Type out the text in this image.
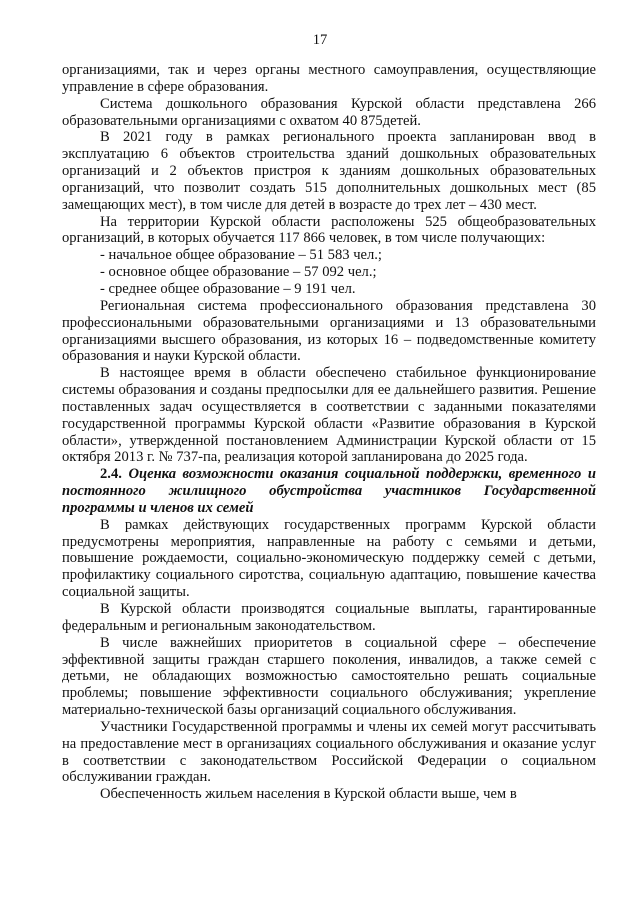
17

организациями, так и через органы местного самоуправления, осуществляющие управление в сфере образования.

Система дошкольного образования Курской области представлена 266 образовательными организациями с охватом 40 875детей.

В 2021 году в рамках регионального проекта запланирован ввод в эксплуатацию 6 объектов строительства зданий дошкольных образовательных организаций и 2 объектов пристроя к зданиям дошкольных образовательных организаций, что позволит создать 515 дополнительных дошкольных мест (85 замещающих мест), в том числе для детей в возрасте до трех лет – 430 мест.

На территории Курской области расположены 525 общеобразовательных организаций, в которых обучается 117 866 человек, в том числе получающих:

- начальное общее образование – 51 583 чел.;

- основное общее образование – 57 092 чел.;

- среднее общее образование – 9 191 чел.

Региональная система профессионального образования представлена 30 профессиональными образовательными организациями и 13 образовательными организациями высшего образования, из которых 16 – подведомственные комитету образования и науки Курской области.

В настоящее время в области обеспечено стабильное функционирование системы образования и созданы предпосылки для ее дальнейшего развития. Решение поставленных задач осуществляется в соответствии с заданными показателями государственной программы Курской области «Развитие образования в Курской области», утвержденной постановлением Администрации Курской области от 15 октября 2013 г. № 737-па, реализация которой запланирована до 2025 года.

2.4. Оценка возможности оказания социальной поддержки, временного и постоянного жилищного обустройства участников Государственной программы и членов их семей

В рамках действующих государственных программ Курской области предусмотрены мероприятия, направленные на работу с семьями и детьми, повышение рождаемости, социально-экономическую поддержку семей с детьми, профилактику социального сиротства, социальную адаптацию, повышение качества социальной защиты.

В Курской области производятся социальные выплаты, гарантированные федеральным и региональным законодательством.

В числе важнейших приоритетов в социальной сфере – обеспечение эффективной защиты граждан старшего поколения, инвалидов, а также семей с детьми, не обладающих возможностью самостоятельно решать социальные проблемы; повышение эффективности социального обслуживания; укрепление материально-технической базы организаций социального обслуживания.

Участники Государственной программы и члены их семей могут рассчитывать на предоставление мест в организациях социального обслуживания и оказание услуг в соответствии с законодательством Российской Федерации о социальном обслуживании граждан.

Обеспеченность жильем населения в Курской области выше, чем в
